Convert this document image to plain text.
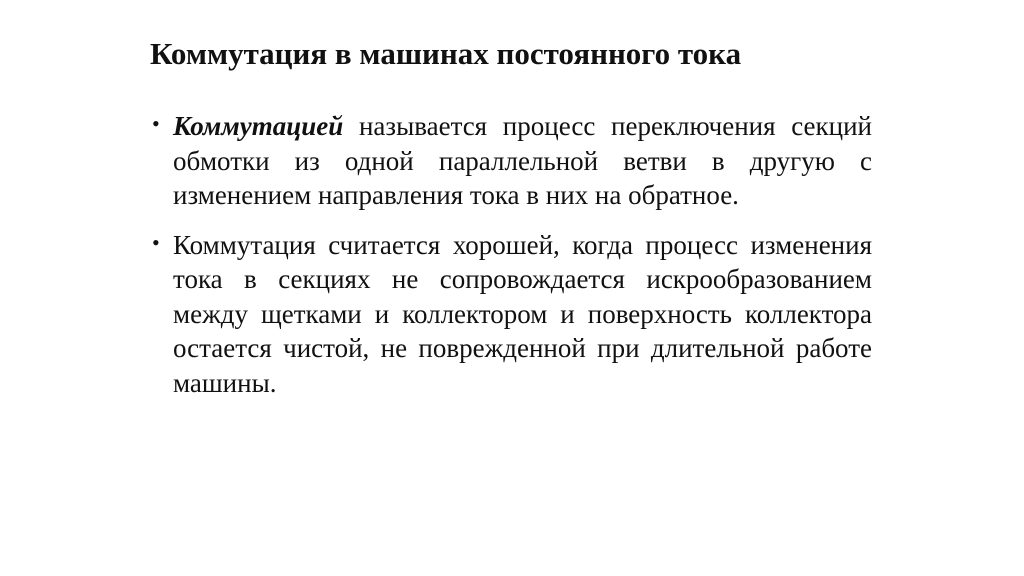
Коммутация в машинах постоянного тока
• Коммутацией называется процесс переключения секций обмотки из одной параллельной ветви в другую с изменением направления тока в них на обратное.
• Коммутация считается хорошей, когда процесс изменения тока в секциях не сопровождается искрообразованием между щетками и коллектором и поверхность коллектора остается чистой, не поврежденной при длительной работе машины.
